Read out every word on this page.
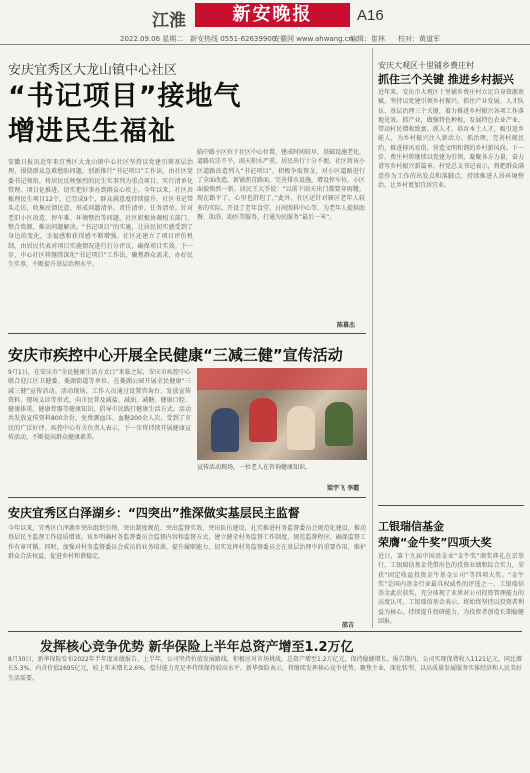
江淮	新安晚报	A16
2022.09.06 星期二 新安热线 0551-62639900
安徽网 www.ahwang.cn
编辑：崔林 校对：黄道军
安庆宜秀区大龙山镇中心社区
“书记项目”接地气
增进民生福祉
安徽日报讯近年来宜秀区大龙山镇中心社区坚持以党建引领基层治理，围绕群众急难愁盼问题，创新推行“书记项目”工作法，由社区党委书记领衔，将居民反映强烈的民生实事列为重点项目，实行清单化管理、项目化推进，切实把好事办到群众心坎上。今年以来，社区共梳理民生项目12个，已完成9个，群众满意度持续提升。社区书记带头走访，收集民情民意，形成问题清单、责任清单、任务清单。针对老旧小区改造、停车难、环境整治等问题，社区积极协调相关部门，整合资源，推动问题解决。“书记项目”的实施，让居民切实感受到了身边的变化，幸福感和获得感不断增强。社区还建立了项目评价机制，由居民代表对项目实施情况进行打分评议，确保项目实效。下一步，中心社区将继续深化“书记项目”工作法，聚焦群众需求，办好民生实事，不断提升基层治理水平。
临中路小区位于社区中心位置，建成时间较早，基础设施老化，道路坑洼不平，雨天积水严重，居民出行十分不便。社区将该小区道路改造列入“书记项目”，积极争取资金，对小区道路进行了全面改造，新铺沥青路面，完善排水设施，增设停车位，小区面貌焕然一新。居民王大爷说：“以前下雨天出门都要穿雨靴，现在路平了，心里也舒坦了。”此外，社区还针对辖区老年人较多的实际，开设了老年食堂、日间照料中心等，为老年人提供助餐、助浴、助医等服务，打通为民服务“最后一米”。
陈慕杰
安庆市疾控中心开展全民健康“三减三健”宣传活动
9月1日，在安庆市“全民健康生活方式日”来临之际，安庆市疾控中心联合迎江区卫健委、菱湖街道等单位，在菱湖公园开展全民健康“三减三健”宣传活动。活动现场，工作人员通过设置咨询台、发放宣传资料、现场义诊等形式，向市民普及减盐、减油、减糖、健康口腔、健康体重、健康骨骼等健康知识，倡导市民践行健康生活方式。活动共发放宣传资料800余份，免费测血压、血糖200余人次，受到了市民的广泛好评。疾控中心有关负责人表示，下一步将持续开展健康宣传活动，不断提高群众健康素养。
宣传活动现场，一位老人在咨询健康知识。
梁宇飞 李霞
安庆宜秀区白泽湖乡：“四突出”推深做实基层民主监督
今年以来，宜秀区白泽湖乡突出组织引领、突出制度规范、突出监督实效、突出队伍建设，扎实推进村务监督委员会规范化建设，推动基层民主监督工作提质增效。该乡明确村务监督委员会监督内容和监督方式，建立健全村务监督工作制度，规范监督程序，确保监督工作有章可循。同时，加强对村务监督委员会成员的业务培训，提升履职能力，切实发挥村务监督委员会在基层治理中的重要作用，维护群众合法权益，促进乡村和谐稳定。
邵吉
发挥核心竞争优势 新华保险上半年总资产增至1.2万亿
8月30日，新华保险发布2022年半年度业绩报告。上半年，公司坚持价值发展路线，积极应对市场挑战，总资产增至1.2万亿元，保持稳健增长。报告期内，公司实现保费收入1121亿元，同比增长5.3%，内含价值2695亿元，较上年末增长2.6%，偿付能力充足率持续保持较高水平。新华保险表示，将继续发挥核心竞争优势，聚焦主业，深化转型，以高质量发展服务实体经济和人民美好生活需要。
安庆大观区十里铺乡费庄村
抓住三个关键 推进乡村振兴
近年来，安庆市大观区十里铺乡费庄村立足自身资源禀赋，坚持以党建引领乡村振兴，抓住产业发展、人才队伍、基层治理三个关键，着力推进乡村振兴各项工作落地见效。抓产业，做强特色种植，发展特色农业产业，带动村民增收致富。抓人才，培育本土人才，吸引返乡能人，为乡村振兴注入新活力。抓治理，完善村规民约，推进移风易俗，营造文明和谐的乡村新风尚。下一步，费庄村将继续以党建为引领，凝聚各方力量，奋力谱写乡村振兴新篇章。村党总支书记表示，将把群众满意作为工作的出发点和落脚点，持续推进人居环境整治，让乡村更加宜居宜业。
工银瑞信基金
荣膺“金牛奖”四项大奖
近日，第十九届中国基金业“金牛奖”颁奖典礼在京举行，工银瑞信基金凭借出色的投资业绩和综合实力，荣获“固定收益投资金牛基金公司”等四项大奖。“金牛奖”是国内基金行业最具权威性的评选之一，工银瑞信基金此次获奖，充分体现了业界对公司投资管理能力的高度认可。工银瑞信基金表示，将始终坚持以投资者利益为核心，持续提升投研能力，为投资者创造长期稳健回报。
